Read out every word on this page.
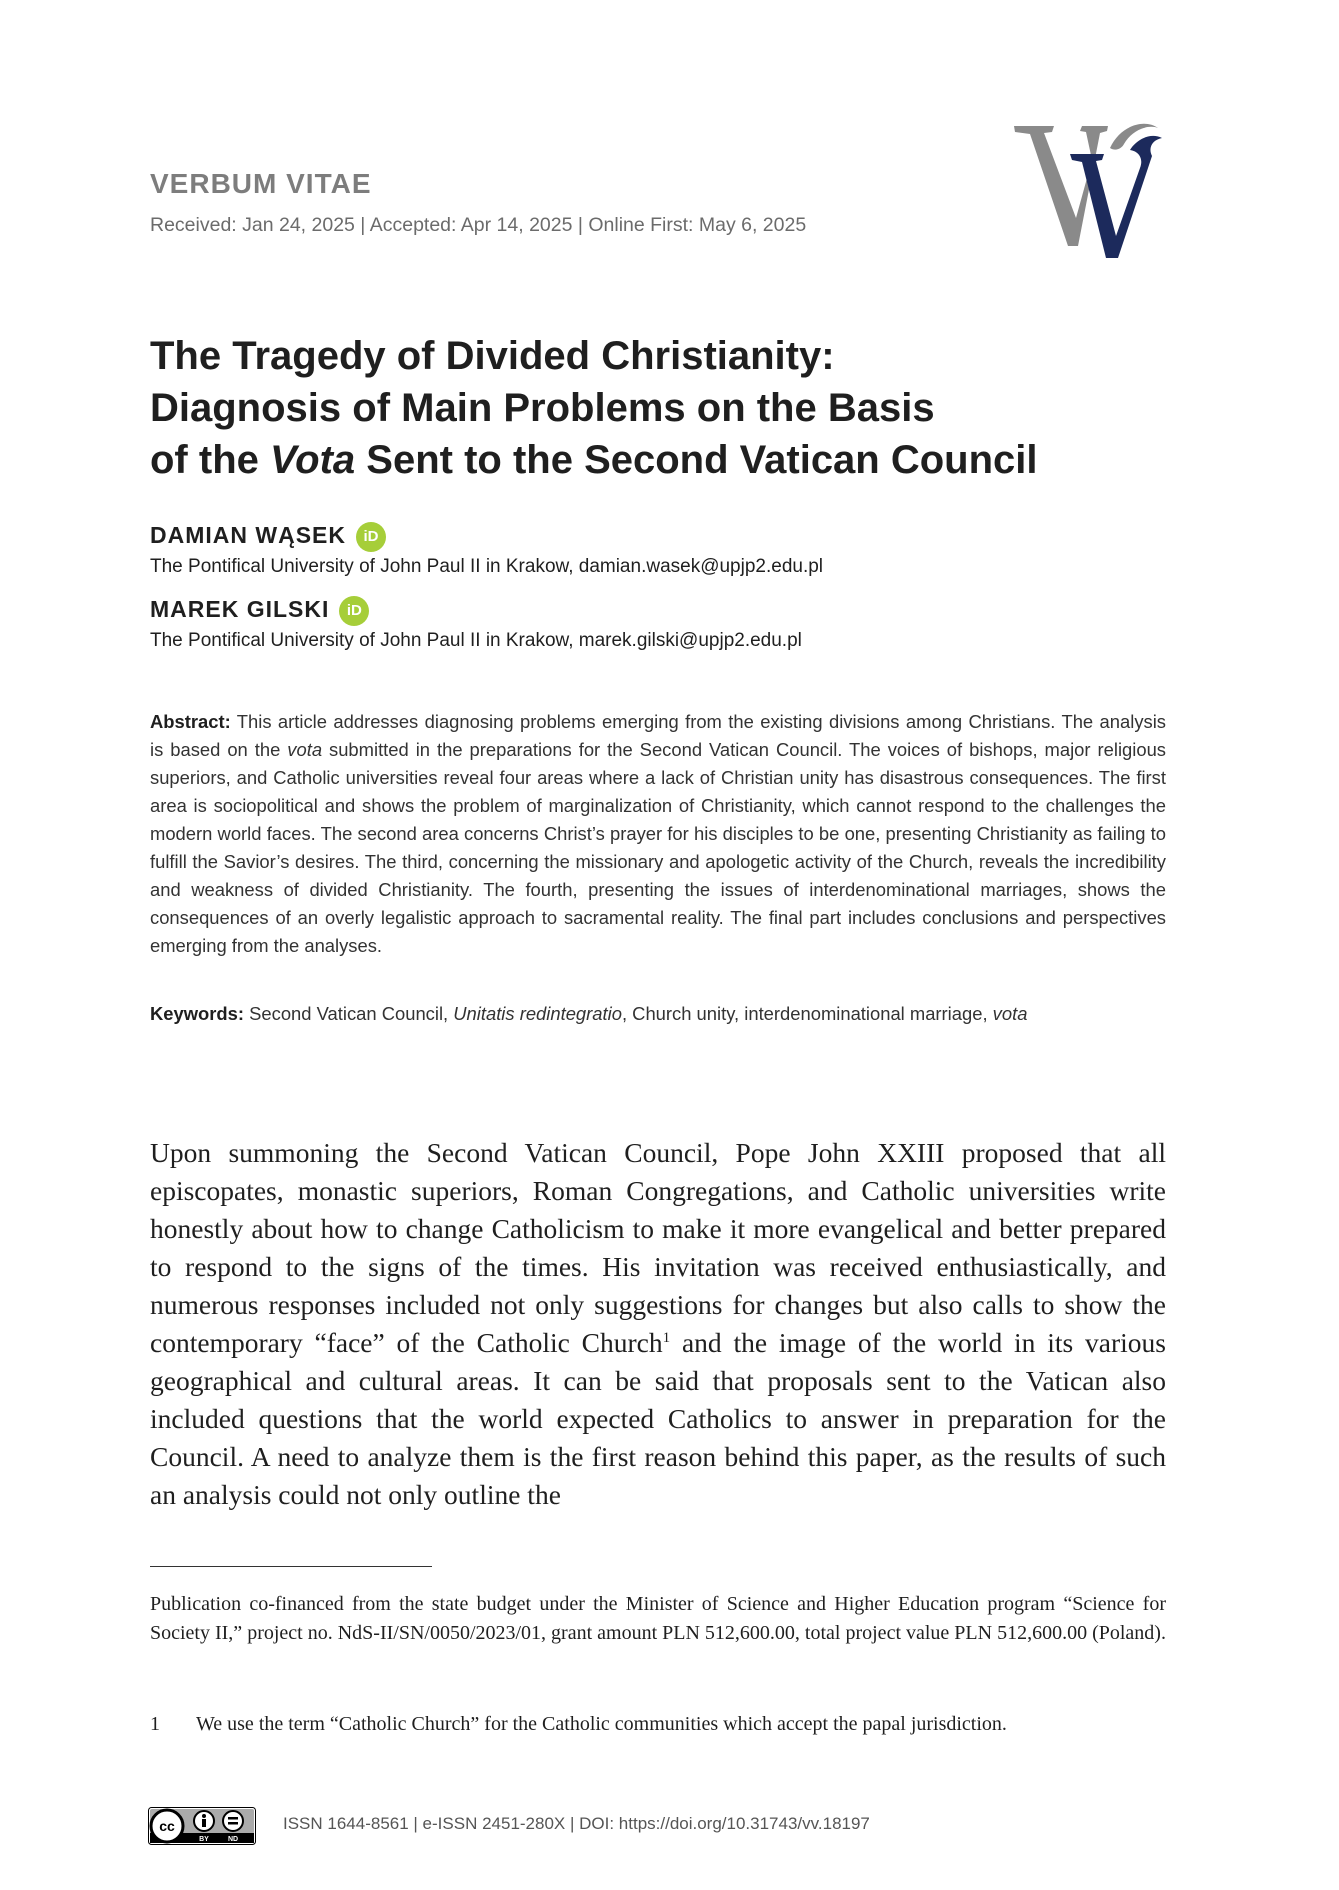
VERBUM VITAE
Received: Jan 24, 2025 | Accepted: Apr 14, 2025 | Online First: May 6, 2025
The Tragedy of Divided Christianity:
Diagnosis of Main Problems on the Basis
of the Vota Sent to the Second Vatican Council
DAMIAN WĄSEK iD
The Pontifical University of John Paul II in Krakow, damian.wasek@upjp2.edu.pl
MAREK GILSKI iD
The Pontifical University of John Paul II in Krakow, marek.gilski@upjp2.edu.pl

Abstract: This article addresses diagnosing problems emerging from the existing divisions among Christians. The analysis is based on the vota submitted in the preparations for the Second Vatican Council. The voices of bishops, major religious superiors, and Catholic universities reveal four areas where a lack of Christian unity has disastrous consequences. The first area is sociopolitical and shows the problem of marginalization of Christianity, which cannot respond to the challenges the modern world faces. The second area concerns Christ’s prayer for his disciples to be one, presenting Christianity as failing to fulfill the Savior’s desires. The third, concerning the missionary and apologetic activity of the Church, reveals the incredibility and weakness of divided Christianity. The fourth, presenting the issues of interdenominational marriages, shows the consequences of an overly legalistic approach to sacramental reality. The final part includes conclusions and perspectives emerging from the analyses.

Keywords: Second Vatican Council, Unitatis redintegratio, Church unity, interdenominational marriage, vota

Upon summoning the Second Vatican Council, Pope John XXIII proposed that all episcopates, monastic superiors, Roman Congregations, and Catholic universities write honestly about how to change Catholicism to make it more evangelical and better prepared to respond to the signs of the times. His invitation was received enthusiastically, and numerous responses included not only suggestions for changes but also calls to show the contemporary “face” of the Catholic Church$^1$ and the image of the world in its various geographical and cultural areas. It can be said that proposals sent to the Vatican also included questions that the world expected Catholics to answer in preparation for the Council. A need to analyze them is the first reason behind this paper, as the results of such an analysis could not only outline the

Publication co-financed from the state budget under the Minister of Science and Higher Education program “Science for Society II,” project no. NdS-II/SN/0050/2023/01, grant amount PLN 512,600.00, total project value PLN 512,600.00 (Poland).

1 We use the term “Catholic Church” for the Catholic communities which accept the papal jurisdiction.
cc
BY	ND
ISSN 1644-8561 | e-ISSN 2451-280X | DOI: https://doi.org/10.31743/vv.18197
